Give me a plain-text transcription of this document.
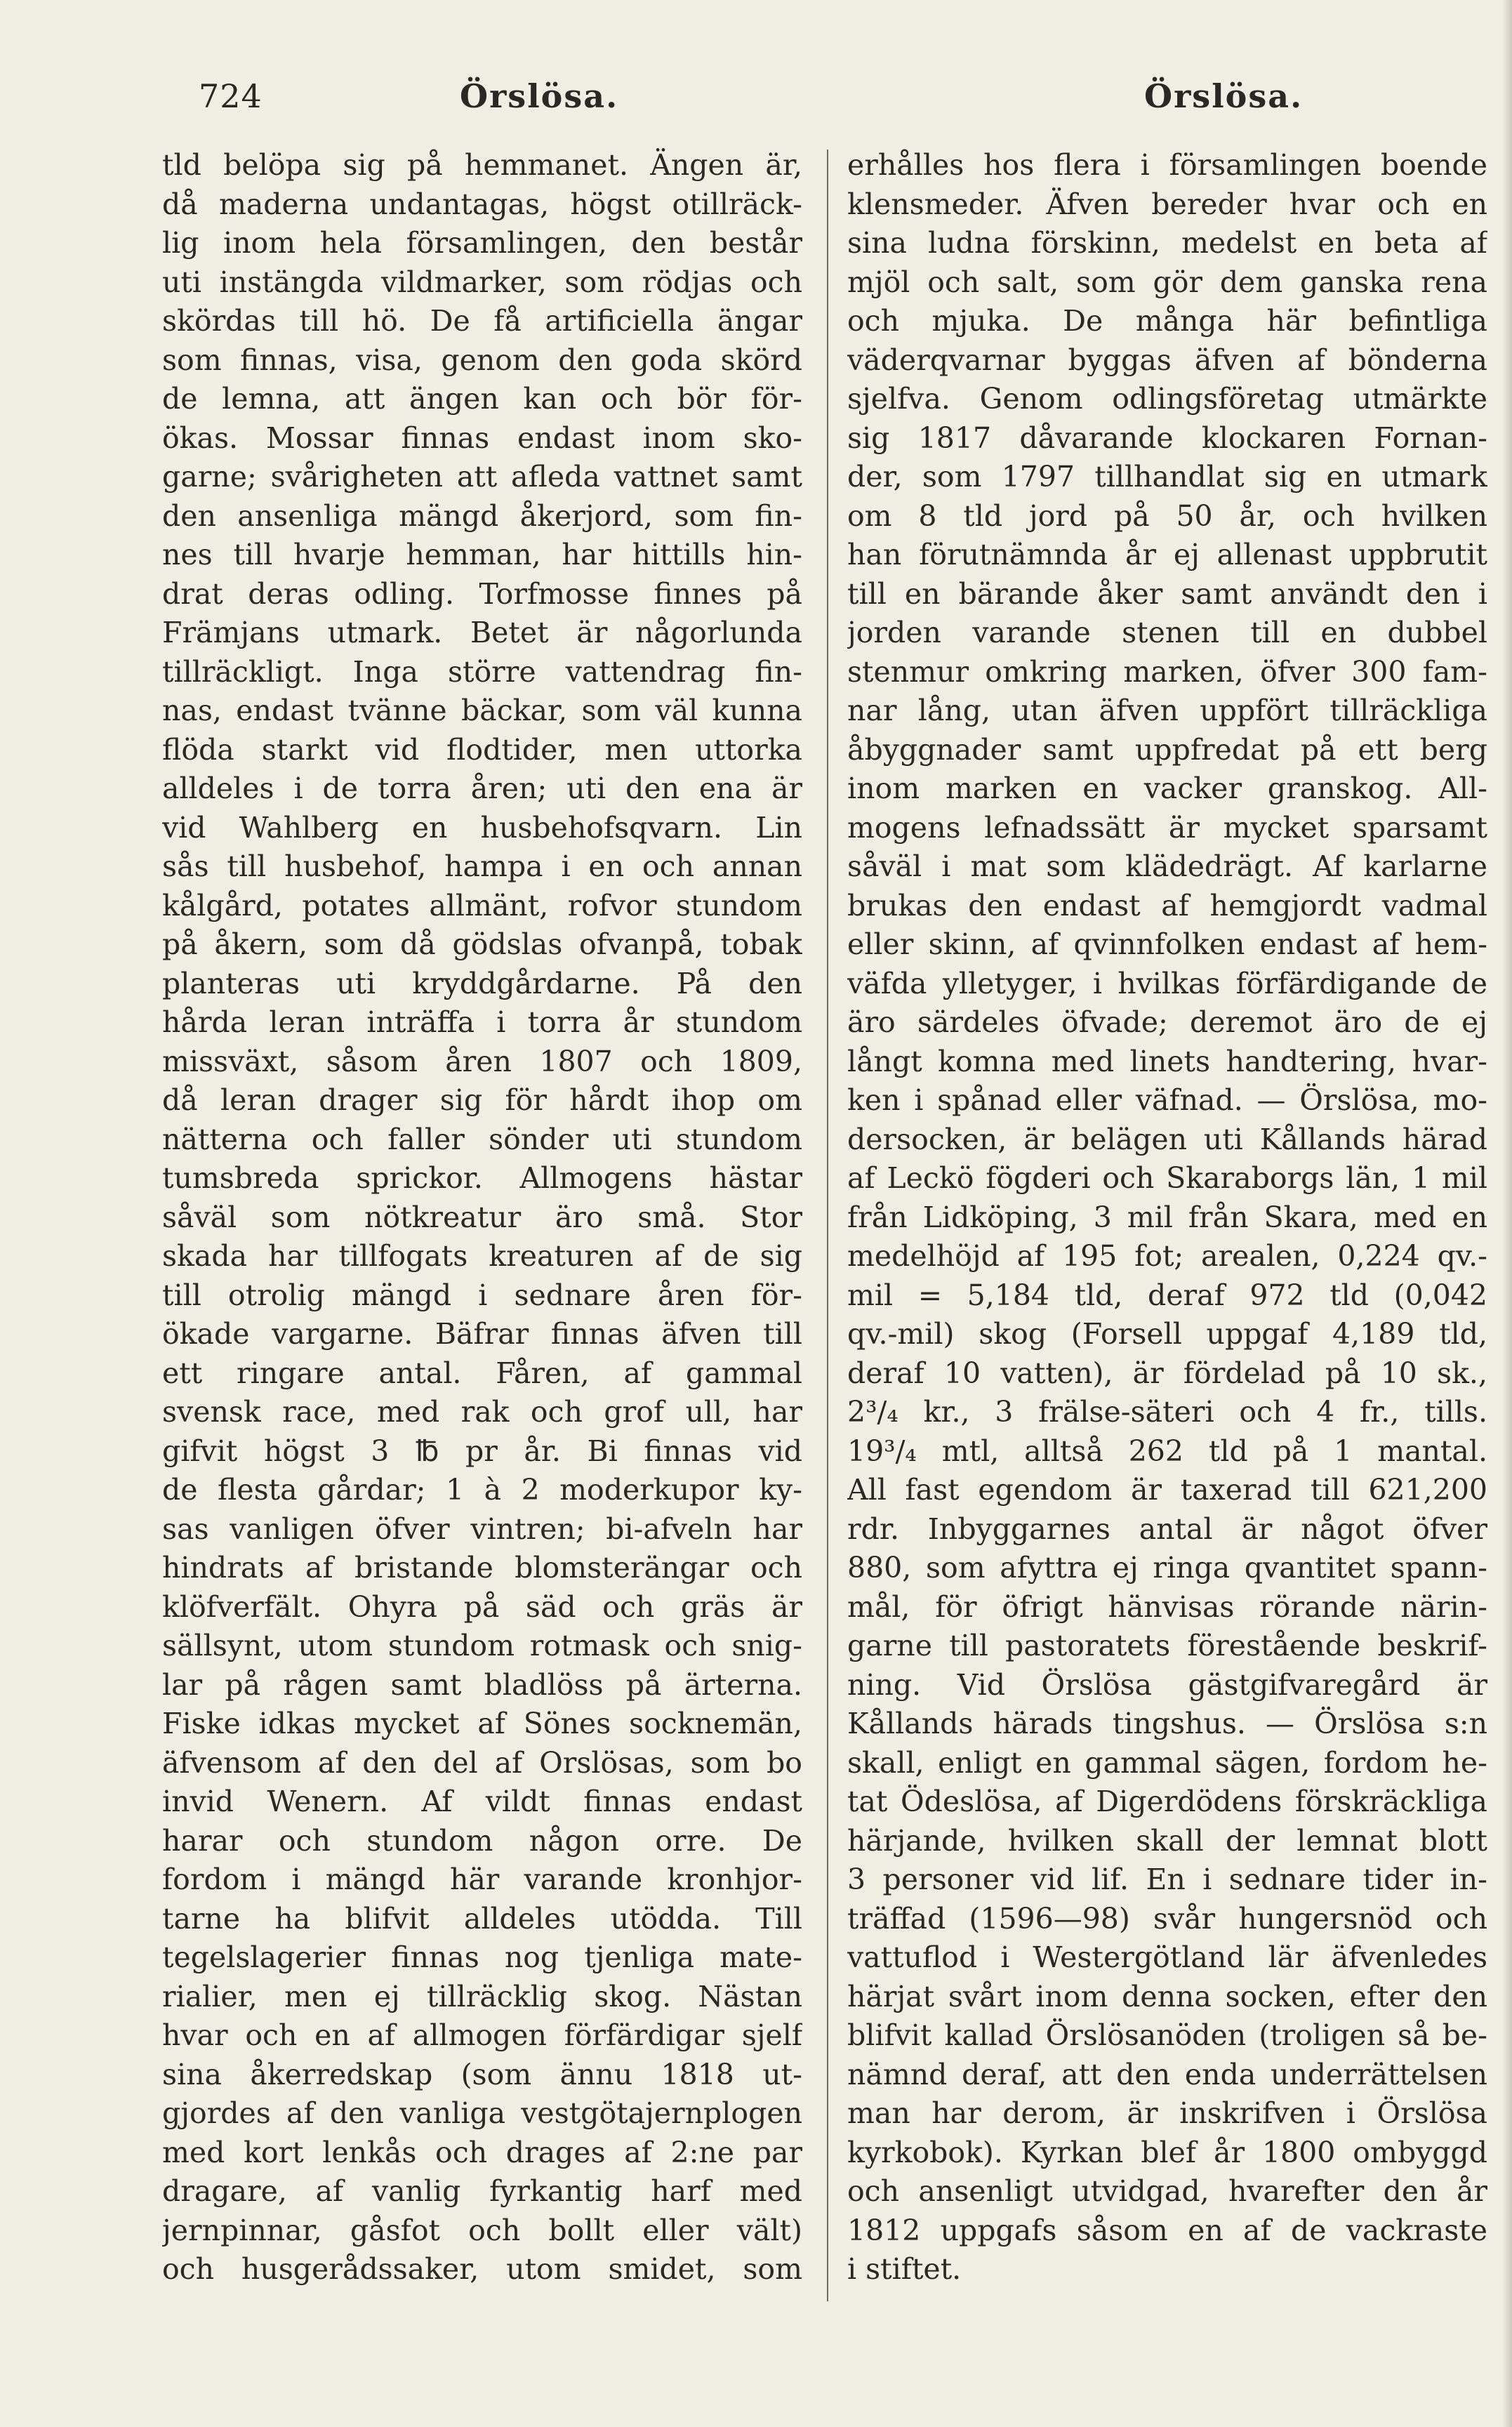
724	Örslösa.	Örslösa.
tld belöpa sig på hemmanet. Ängen är,
då maderna undantagas, högst otillräck-
lig inom hela församlingen, den består
uti instängda vildmarker, som rödjas och
skördas till hö. De få artificiella ängar
som finnas, visa, genom den goda skörd
de lemna, att ängen kan och bör för-
ökas. Mossar finnas endast inom sko-
garne; svårigheten att afleda vattnet samt
den ansenliga mängd åkerjord, som fin-
nes till hvarje hemman, har hittills hin-
drat deras odling. Torfmosse finnes på
Främjans utmark. Betet är någorlunda
tillräckligt. Inga större vattendrag fin-
nas, endast tvänne bäckar, som väl kunna
flöda starkt vid flodtider, men uttorka
alldeles i de torra åren; uti den ena är
vid Wahlberg en husbehofsqvarn. Lin
sås till husbehof, hampa i en och annan
kålgård, potates allmänt, rofvor stundom
på åkern, som då gödslas ofvanpå, tobak
planteras uti kryddgårdarne. På den
hårda leran inträffa i torra år stundom
missväxt, såsom åren 1807 och 1809,
då leran drager sig för hårdt ihop om
nätterna och faller sönder uti stundom
tumsbreda sprickor. Allmogens hästar
såväl som nötkreatur äro små. Stor
skada har tillfogats kreaturen af de sig
till otrolig mängd i sednare åren för-
ökade vargarne. Bäfrar finnas äfven till
ett ringare antal. Fåren, af gammal
svensk race, med rak och grof ull, har
gifvit högst 3 ℔ pr år. Bi finnas vid
de flesta gårdar; 1 à 2 moderkupor ky-
sas vanligen öfver vintren; bi-afveln har
hindrats af bristande blomsterängar och
klöfverfält. Ohyra på säd och gräs är
sällsynt, utom stundom rotmask och snig-
lar på rågen samt bladlöss på ärterna.
Fiske idkas mycket af Sönes socknemän,
äfvensom af den del af Orslösas, som bo
invid Wenern. Af vildt finnas endast
harar och stundom någon orre. De
fordom i mängd här varande kronhjor-
tarne ha blifvit alldeles utödda. Till
tegelslagerier finnas nog tjenliga mate-
rialier, men ej tillräcklig skog. Nästan
hvar och en af allmogen förfärdigar sjelf
sina åkerredskap (som ännu 1818 ut-
gjordes af den vanliga vestgötajernplogen
med kort lenkås och drages af 2:ne par
dragare, af vanlig fyrkantig harf med
jernpinnar, gåsfot och bollt eller vält)
och husgerådssaker, utom smidet, som
erhålles hos flera i församlingen boende
klensmeder. Äfven bereder hvar och en
sina ludna förskinn, medelst en beta af
mjöl och salt, som gör dem ganska rena
och mjuka. De många här befintliga
väderqvarnar byggas äfven af bönderna
sjelfva. Genom odlingsföretag utmärkte
sig 1817 dåvarande klockaren Fornan-
der, som 1797 tillhandlat sig en utmark
om 8 tld jord på 50 år, och hvilken
han förutnämnda år ej allenast uppbrutit
till en bärande åker samt användt den i
jorden varande stenen till en dubbel
stenmur omkring marken, öfver 300 fam-
nar lång, utan äfven uppfört tillräckliga
åbyggnader samt uppfredat på ett berg
inom marken en vacker granskog. All-
mogens lefnadssätt är mycket sparsamt
såväl i mat som klädedrägt. Af karlarne
brukas den endast af hemgjordt vadmal
eller skinn, af qvinnfolken endast af hem-
väfda ylletyger, i hvilkas förfärdigande de
äro särdeles öfvade; deremot äro de ej
långt komna med linets handtering, hvar-
ken i spånad eller väfnad. — Örslösa, mo-
dersocken, är belägen uti Kållands härad
af Leckö fögderi och Skaraborgs län, 1 mil
från Lidköping, 3 mil från Skara, med en
medelhöjd af 195 fot; arealen, 0,224 qv.-
mil = 5,184 tld, deraf 972 tld (0,042
qv.-mil) skog (Forsell uppgaf 4,189 tld,
deraf 10 vatten), är fördelad på 10 sk.,
2³/₄ kr., 3 frälse-säteri och 4 fr., tills.
19³/₄ mtl, alltså 262 tld på 1 mantal.
All fast egendom är taxerad till 621,200
rdr. Inbyggarnes antal är något öfver
880, som afyttra ej ringa qvantitet spann-
mål, för öfrigt hänvisas rörande närin-
garne till pastoratets förestående beskrif-
ning. Vid Örslösa gästgifvaregård är
Kållands härads tingshus. — Örslösa s:n
skall, enligt en gammal sägen, fordom he-
tat Ödeslösa, af Digerdödens förskräckliga
härjande, hvilken skall der lemnat blott
3 personer vid lif. En i sednare tider in-
träffad (1596—98) svår hungersnöd och
vattuflod i Westergötland lär äfvenledes
härjat svårt inom denna socken, efter den
blifvit kallad Örslösanöden (troligen så be-
nämnd deraf, att den enda underrättelsen
man har derom, är inskrifven i Örslösa
kyrkobok). Kyrkan blef år 1800 ombyggd
och ansenligt utvidgad, hvarefter den år
1812 uppgafs såsom en af de vackraste
i stiftet.
